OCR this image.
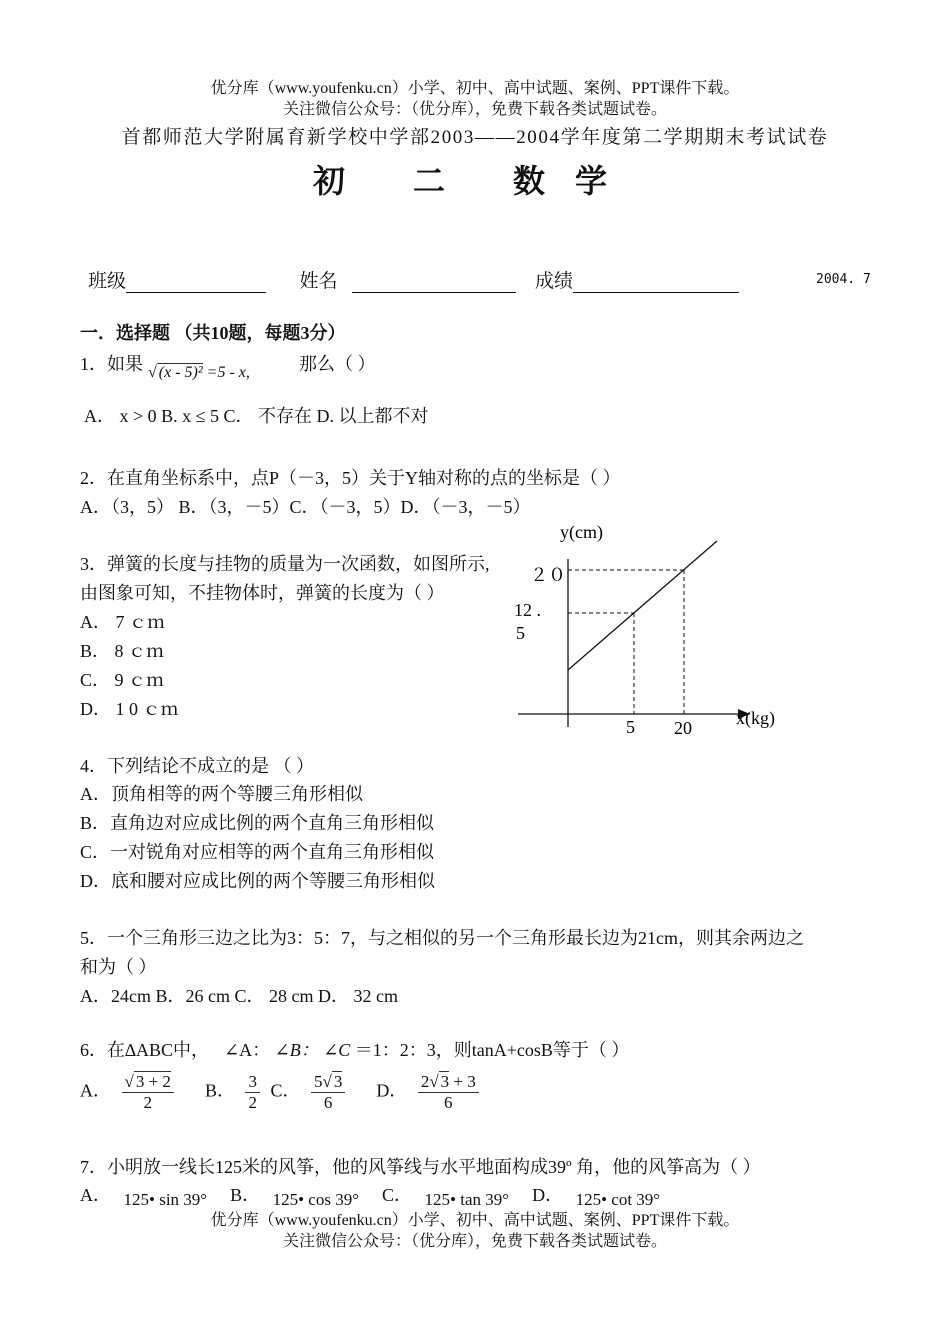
优分库（www.youfenku.cn）小学、初中、高中试题、案例、PPT课件下载。
关注微信公众号：（优分库），免费下载各类试题试卷。
首都师范大学附属育新学校中学部2003——2004学年度第二学期期末考试试卷
初 二 数学
班级	姓名	成绩	2004. 7
一．选择题 （共10题，每题3分）
1．如果 √ (x - 5)² =5 - x,	那么（ ）
A． x > 0 B. x ≤ 5 C． 不存在 D. 以上都不对
2．在直角坐标系中，点P（－3，5）关于Y轴对称的点的坐标是（ ）
A．（3，5） B．（3，－5）C．（－3，5）D．（－3，－5）
3．弹簧的长度与挂物的质量为一次函数，如图所示,
由图象可知，不挂物体时，弹簧的长度为（ ）
A． 7 ｃｍ
B． 8 ｃｍ
C． 9 ｃｍ
D． 1 0 ｃｍ
y(cm)
x(kg)
２０
12 .
5
5 20
4．下列结论不成立的是 （ ）
A．顶角相等的两个等腰三角形相似
B．直角边对应成比例的两个直角三角形相似
C．一对锐角对应相等的两个直角三角形相似
D．底和腰对应成比例的两个等腰三角形相似
5．一个三角形三边之比为3：5：7，与之相似的另一个三角形最长边为21cm，则其余两边之
和为（ ）
A．24cm B．26 cm C． 28 cm D． 32 cm
6．在∆ABC中， ∠A： ∠B： ∠C ＝1：2：3，则tanA+cosB等于（ ）
A． $\frac{√ 3 + 2}{2}$ B． $\frac{3}{2}$ C． $\frac{5√ 3}{6}$ D． $\frac{2√ 3 + 3}{6}$
7．小明放一线长125米的风筝，他的风筝线与水平地面构成39º 角，他的风筝高为（ ）
A． 125• sin 39° B． 125• cos 39° C． 125• tan 39° D． 125• cot 39°
优分库（www.youfenku.cn）小学、初中、高中试题、案例、PPT课件下载。
关注微信公众号：（优分库），免费下载各类试题试卷。
